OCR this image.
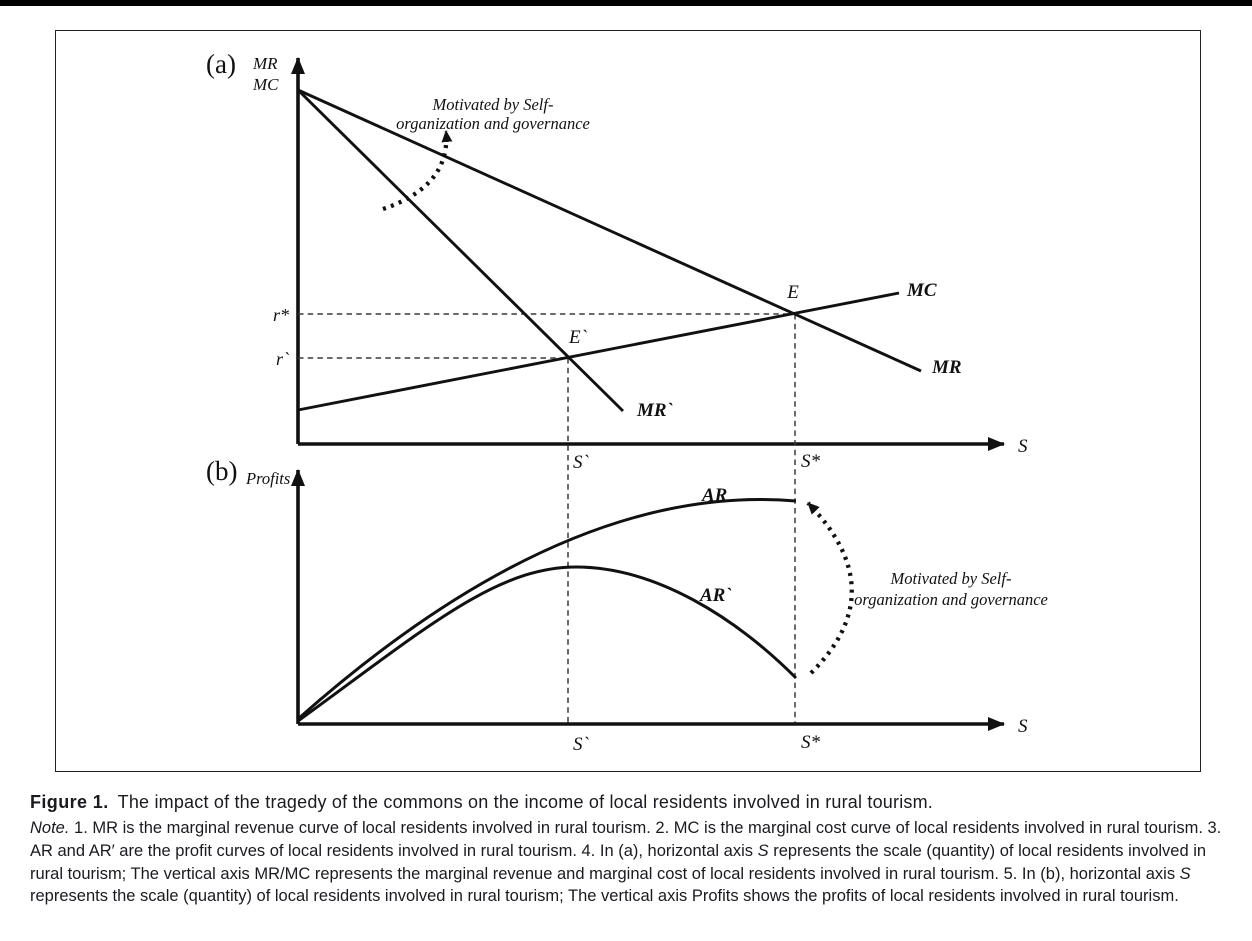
(a) MR
MC
Motivated by Self-
organization and governance
r*
r`
E
E`
MC
MR
MR`
S
S`	S*
(b) Profits
AR
AR`
Motivated by Self-
organization and governance
S
S`	S*

Figure 1. The impact of the tragedy of the commons on the income of local residents involved in rural tourism.

Note. 1. MR is the marginal revenue curve of local residents involved in rural tourism. 2. MC is the marginal cost curve of local residents involved in rural tourism. 3. AR and AR′ are the profit curves of local residents involved in rural tourism. 4. In (a), horizontal axis S represents the scale (quantity) of local residents involved in rural tourism; The vertical axis MR/MC represents the marginal revenue and marginal cost of local residents involved in rural tourism. 5. In (b), horizontal axis S represents the scale (quantity) of local residents involved in rural tourism; The vertical axis Profits shows the profits of local residents involved in rural tourism.
